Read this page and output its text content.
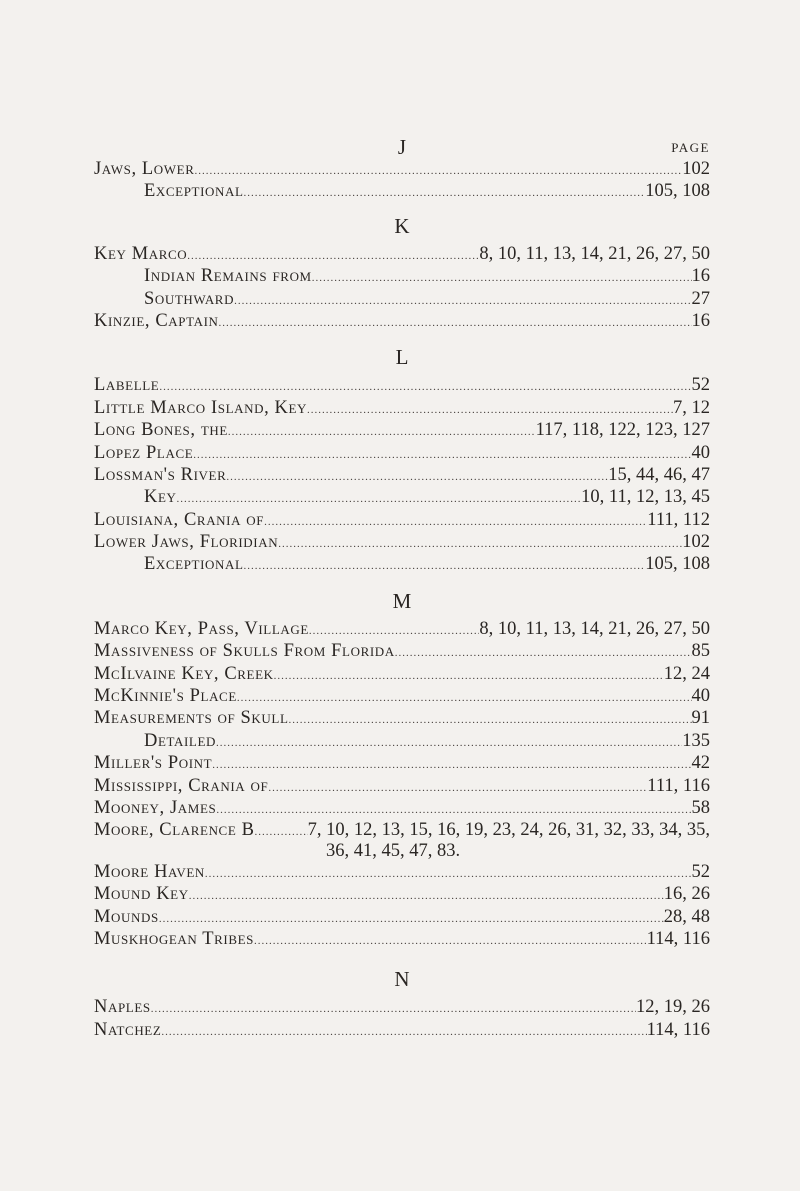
J	PAGE
Jaws, Lower .....	102
Exceptional .....	105, 108
K
Key Marco .....	8, 10, 11, 13, 14, 21, 26, 27, 50
Indian Remains from .....	16
Southward .....	27
Kinzie, Captain .....	16
L
Labelle .....	52
Little Marco Island, Key .....	7, 12
Long Bones, the .....	117, 118, 122, 123, 127
Lopez Place .....	40
Lossman's River .....	15, 44, 46, 47
Key .....	10, 11, 12, 13, 45
Louisiana, Crania of .....	111, 112
Lower Jaws, Floridian .....	102
Exceptional .....	105, 108
M
Marco Key, Pass, Village .....	8, 10, 11, 13, 14, 21, 26, 27, 50
Massiveness of Skulls From Florida .....	85
McIlvaine Key, Creek .....	12, 24
McKinnie's Place .....	40
Measurements of Skull .....	91
Detailed .....	135
Miller's Point .....	42
Mississippi, Crania of .....	111, 116
Mooney, James .....	58
Moore, Clarence B .....	7, 10, 12, 13, 15, 16, 19, 23, 24, 26, 31, 32, 33, 34, 35,
36, 41, 45, 47, 83.
Moore Haven .....	52
Mound Key .....	16, 26
Mounds .....	28, 48
Muskhogean Tribes .....	114, 116
N
Naples .....	12, 19, 26
Natchez .....	114, 116
